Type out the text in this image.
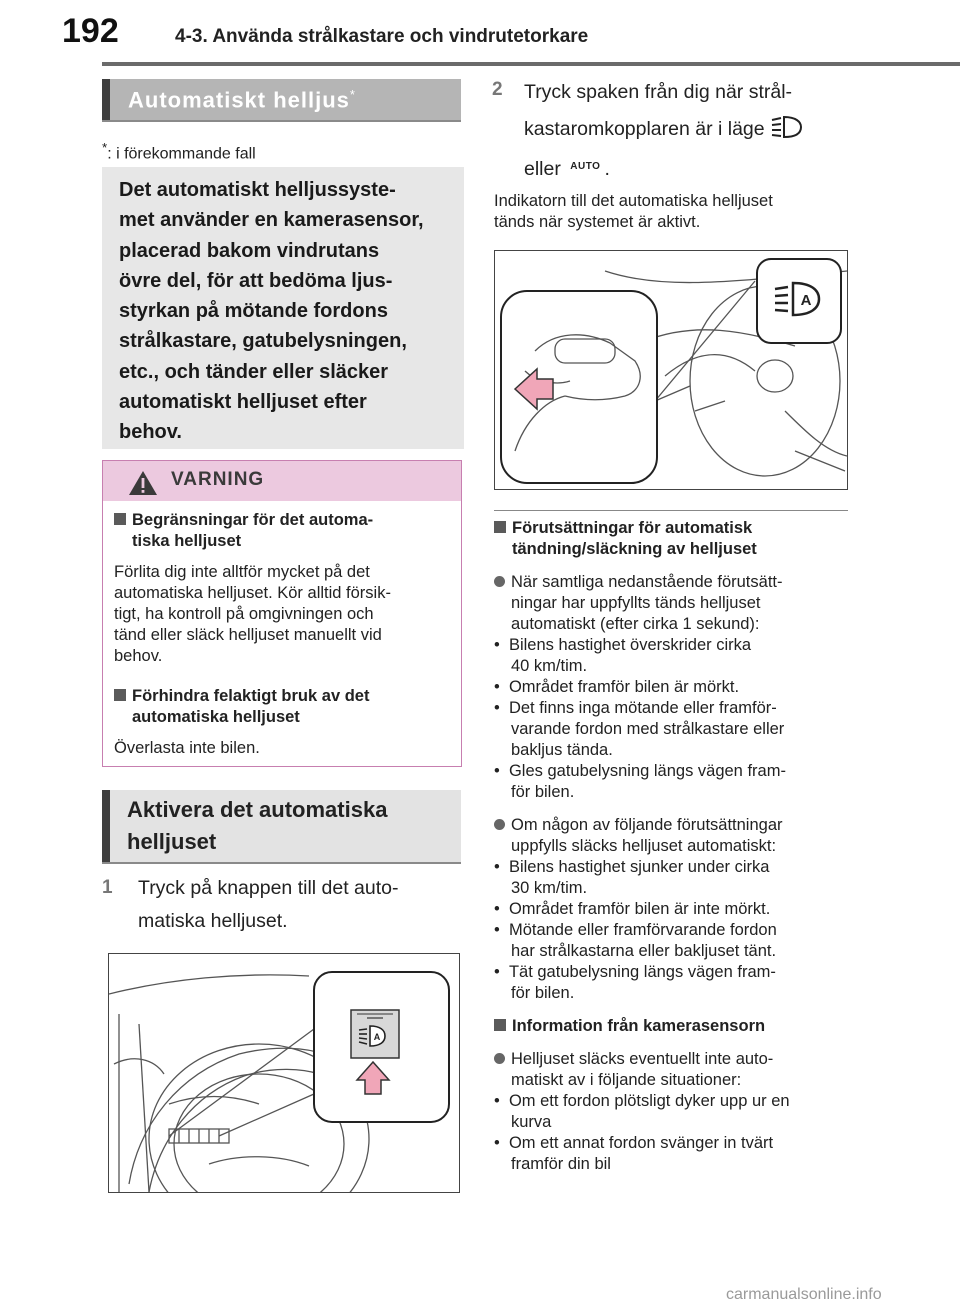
192	4-3. Använda strålkastare och vindrutetorkare
Automatiskt helljus*
*: i förekommande fall

Det automatiskt helljussyste-
met använder en kamerasensor,
placerad bakom vindrutans
övre del, för att bedöma ljus-
styrkan på mötande fordons
strålkastare, gatubelysningen,
etc., och tänder eller släcker
automatiskt helljuset efter
behov.

VARNING
Begränsningar för det automa-
tiska helljuset
Förlita dig inte alltför mycket på det
automatiska helljuset. Kör alltid försik-
tigt, ha kontroll på omgivningen och
tänd eller släck helljuset manuellt vid
behov.
Förhindra felaktigt bruk av det
automatiska helljuset
Överlasta inte bilen.
Aktivera det automatiska
helljuset
1 Tryck på knappen till det auto-
matiska helljuset.
A
2 Tryck spaken från dig när strål-
kastaromkopplaren är i läge
eller AUTO .
Indikatorn till det automatiska helljuset
tänds när systemet är aktivt.
A
Förutsättningar för automatisk
tändning/släckning av helljuset
När samtliga nedanstående förutsätt-
ningar har uppfyllts tänds helljuset
automatiskt (efter cirka 1 sekund):
•  Bilens hastighet överskrider cirka
40 km/tim.
•  Området framför bilen är mörkt.
•  Det finns inga mötande eller framför-
varande fordon med strålkastare eller
bakljus tända.
•  Gles gatubelysning längs vägen fram-
för bilen.
Om någon av följande förutsättningar
uppfylls släcks helljuset automatiskt:
•  Bilens hastighet sjunker under cirka
30 km/tim.
•  Området framför bilen är inte mörkt.
•  Mötande eller framförvarande fordon
har strålkastarna eller bakljuset tänt.
•  Tät gatubelysning längs vägen fram-
för bilen.
Information från kamerasensorn
Helljuset släcks eventuellt inte auto-
matiskt av i följande situationer:
•  Om ett fordon plötsligt dyker upp ur en
kurva
•  Om ett annat fordon svänger in tvärt
framför din bil
carmanualsonline.info
